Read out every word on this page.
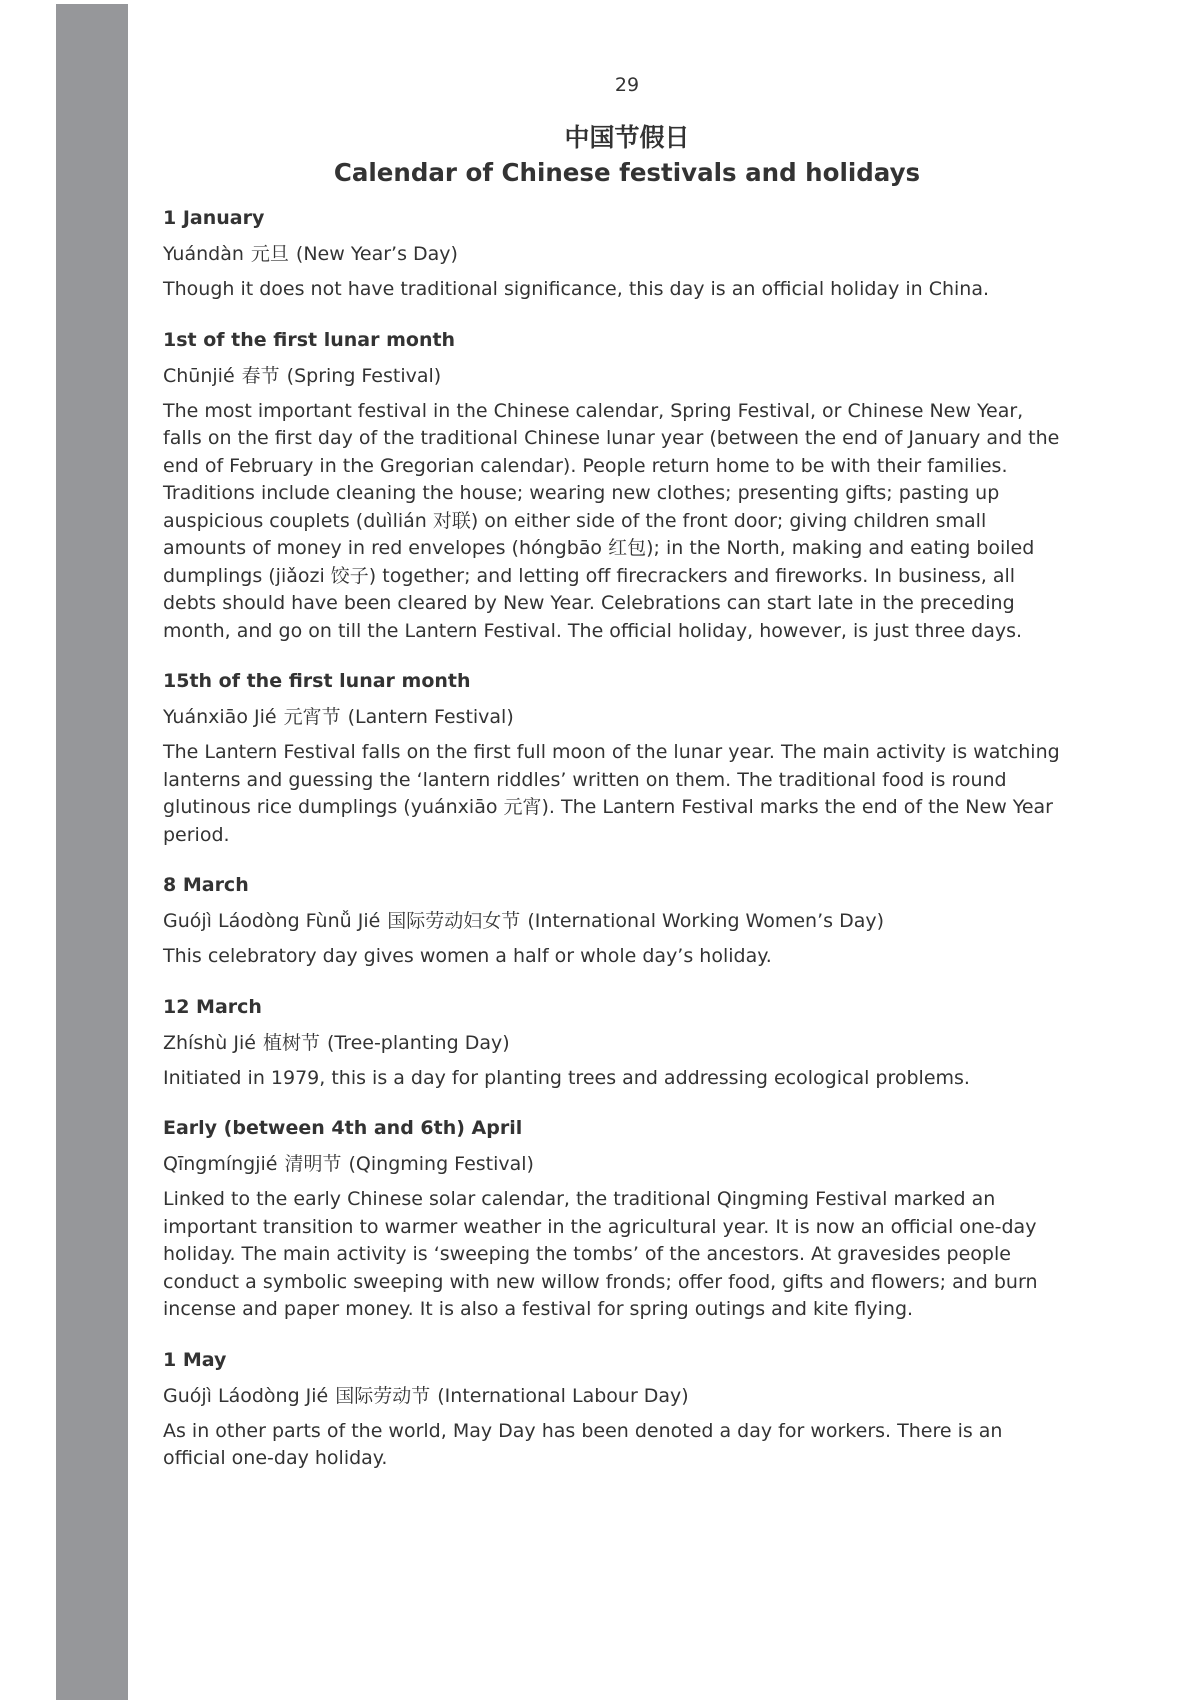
29
中国节假日
Calendar of Chinese festivals and holidays

1 January

Yuándàn 元旦 (New Year’s Day)

Though it does not have traditional significance, this day is an official holiday in China.

1st of the first lunar month

Chūnjié 春节 (Spring Festival)

The most important festival in the Chinese calendar, Spring Festival, or Chinese New Year, falls on the first day of the traditional Chinese lunar year (between the end of January and the end of February in the Gregorian calendar). People return home to be with their families. Traditions include cleaning the house; wearing new clothes; presenting gifts; pasting up auspicious couplets (duìlián 对联) on either side of the front door; giving children small amounts of money in red envelopes (hóngbāo 红包); in the North, making and eating boiled dumplings (jiǎozi 饺子) together; and letting off firecrackers and fireworks. In business, all debts should have been cleared by New Year. Celebrations can start late in the preceding month, and go on till the Lantern Festival. The official holiday, however, is just three days.

15th of the first lunar month

Yuánxiāo Jié 元宵节 (Lantern Festival)

The Lantern Festival falls on the first full moon of the lunar year. The main activity is watching lanterns and guessing the ‘lantern riddles’ written on them. The traditional food is round glutinous rice dumplings (yuánxiāo 元宵). The Lantern Festival marks the end of the New Year period.

8 March

Guójì Láodòng Fùnǚ Jié 国际劳动妇女节 (International Working Women’s Day)

This celebratory day gives women a half or whole day’s holiday.

12 March

Zhíshù Jié 植树节 (Tree-planting Day)

Initiated in 1979, this is a day for planting trees and addressing ecological problems.

Early (between 4th and 6th) April

Qīngmíngjié 清明节 (Qingming Festival)

Linked to the early Chinese solar calendar, the traditional Qingming Festival marked an important transition to warmer weather in the agricultural year. It is now an official one-day holiday. The main activity is ‘sweeping the tombs’ of the ancestors. At gravesides people conduct a symbolic sweeping with new willow fronds; offer food, gifts and flowers; and burn incense and paper money. It is also a festival for spring outings and kite flying.

1 May

Guójì Láodòng Jié 国际劳动节 (International Labour Day)

As in other parts of the world, May Day has been denoted a day for workers. There is an official one-day holiday.
